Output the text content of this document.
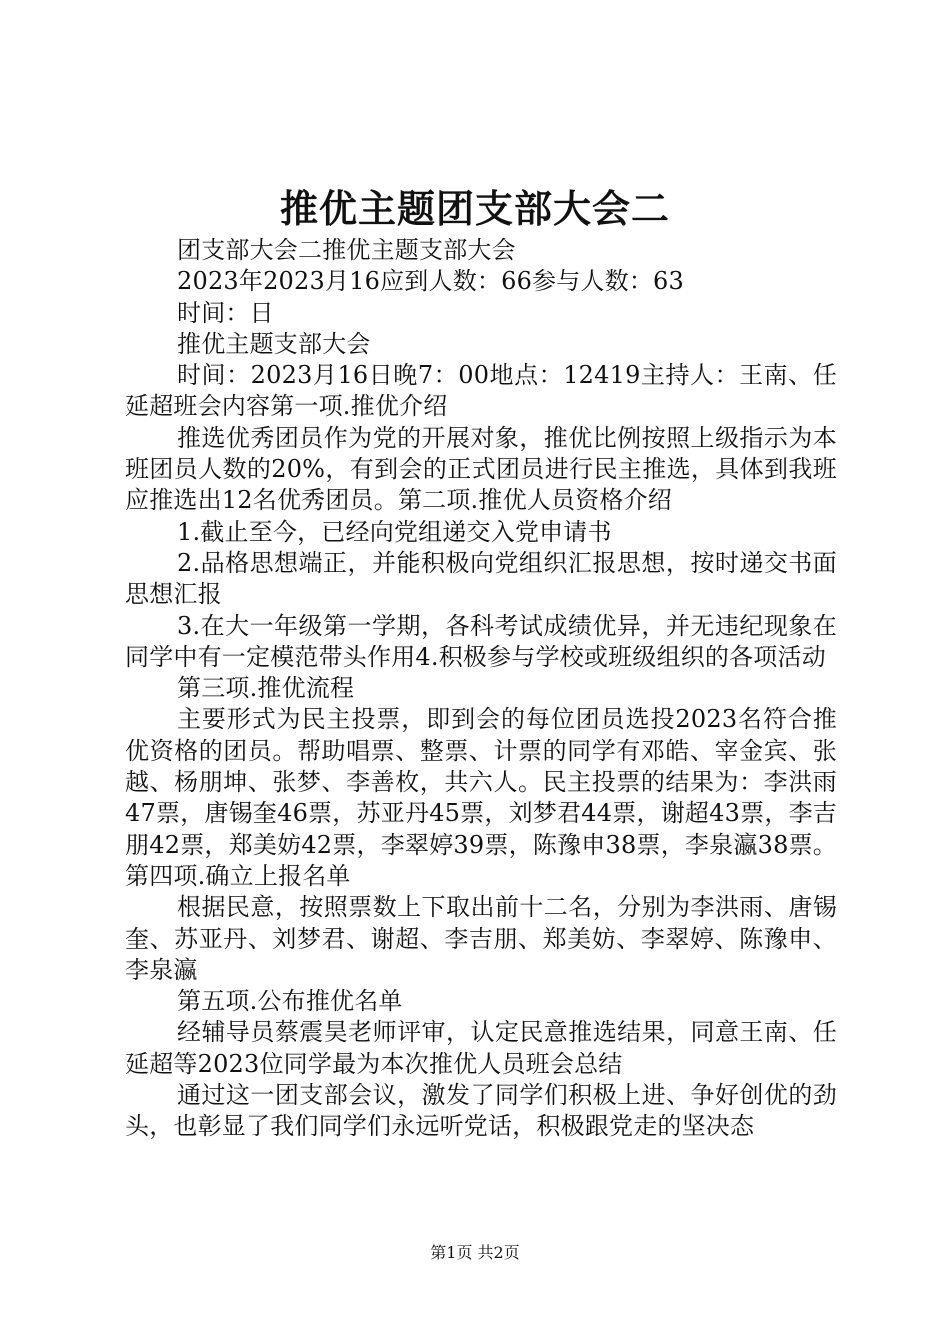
推优主题团支部大会二

团支部大会二推优主题支部大会

2023年2023月16应到人数：66参与人数：63

时间：日

推优主题支部大会

时间：2023月16日晚7：00地点：12419主持人：王南、任延超班会内容第一项.推优介绍

推选优秀团员作为党的开展对象，推优比例按照上级指示为本班团员人数的20%，有到会的正式团员进行民主推选，具体到我班应推选出12名优秀团员。第二项.推优人员资格介绍

1.截止至今，已经向党组递交入党申请书

2.品格思想端正，并能积极向党组织汇报思想，按时递交书面思想汇报

3.在大一年级第一学期，各科考试成绩优异，并无违纪现象在同学中有一定模范带头作用4.积极参与学校或班级组织的各项活动

第三项.推优流程

主要形式为民主投票，即到会的每位团员选投2023名符合推优资格的团员。帮助唱票、整票、计票的同学有邓皓、宰金宾、张越、杨朋坤、张梦、李善枚，共六人。民主投票的结果为：李洪雨47票，唐锡奎46票，苏亚丹45票，刘梦君44票，谢超43票，李吉朋42票，郑美妨42票，李翠婷39票，陈豫申38票，李泉瀛38票。第四项.确立上报名单

根据民意，按照票数上下取出前十二名，分别为李洪雨、唐锡奎、苏亚丹、刘梦君、谢超、李吉朋、郑美妨、李翠婷、陈豫申、李泉瀛

第五项.公布推优名单

经辅导员蔡震昊老师评审，认定民意推选结果，同意王南、任延超等2023位同学最为本次推优人员班会总结

通过这一团支部会议，激发了同学们积极上进、争好创优的劲头，也彰显了我们同学们永远听党话，积极跟党走的坚决态

第1页 共2页
